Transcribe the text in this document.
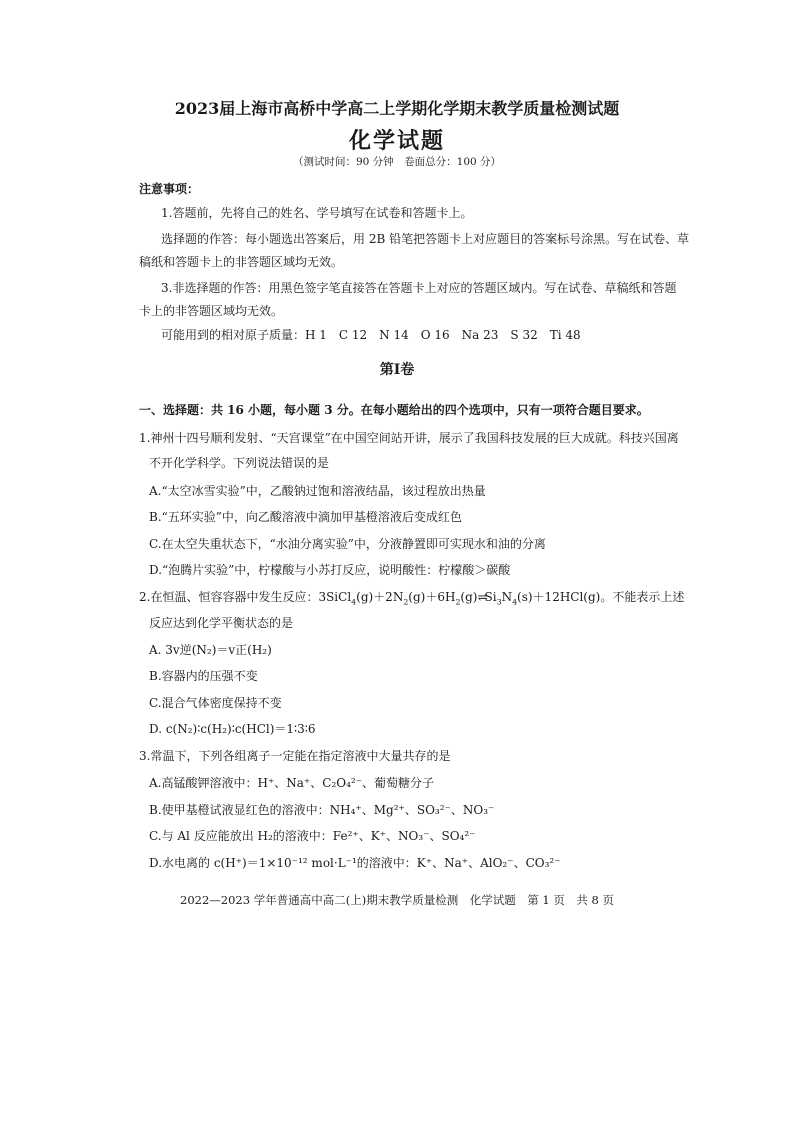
2023届上海市高桥中学高二上学期化学期末教学质量检测试题
化学试题
（测试时间：90 分钟　卷面总分：100 分）
注意事项：
1.答题前，先将自己的姓名、学号填写在试卷和答题卡上。
选择题的作答：每小题选出答案后，用 2B 铅笔把答题卡上对应题目的答案标号涂黑。写在试卷、草
稿纸和答题卡上的非答题区域均无效。
3.非选择题的作答：用黑色签字笔直接答在答题卡上对应的答题区域内。写在试卷、草稿纸和答题
卡上的非答题区域均无效。
可能用到的相对原子质量：H 1　C 12　N 14　O 16　Na 23　S 32　Ti 48
第Ⅰ卷
一、选择题：共 16 小题，每小题 3 分。在每小题给出的四个选项中，只有一项符合题目要求。
1.神州十四号顺利发射、“天宫课堂”在中国空间站开讲，展示了我国科技发展的巨大成就。科技兴国离
不开化学科学。下列说法错误的是
A.“太空冰雪实验”中，乙酸钠过饱和溶液结晶，该过程放出热量
B.“五环实验”中，向乙酸溶液中滴加甲基橙溶液后变成红色
C.在太空失重状态下，“水油分离实验”中，分液静置即可实现水和油的分离
D.“泡腾片实验”中，柠檬酸与小苏打反应，说明酸性：柠檬酸＞碳酸
2.在恒温、恒容容器中发生反应：$3SiCl_4(g)+2N_2(g)+6H_2(g)\rightleftharpoons Si_3N_4(s)+12HCl(g)$。不能表示上述
反应达到化学平衡状态的是
A. 3v逆(N₂)＝v正(H₂)
B.容器内的压强不变
C.混合气体密度保持不变
D. c(N₂)∶c(H₂)∶c(HCl)＝1∶3∶6
3.常温下，下列各组离子一定能在指定溶液中大量共存的是
A.高锰酸钾溶液中：H⁺、Na⁺、C₂O₄²⁻、葡萄糖分子
B.使甲基橙试液显红色的溶液中：NH₄⁺、Mg²⁺、SO₃²⁻、NO₃⁻
C.与 Al 反应能放出 H₂的溶液中：Fe²⁺、K⁺、NO₃⁻、SO₄²⁻
D.水电离的 c(H⁺)＝1×10⁻¹² mol·L⁻¹的溶液中：K⁺、Na⁺、AlO₂⁻、CO₃²⁻
2022—2023 学年普通高中高二(上)期末教学质量检测　化学试题　第 1 页　共 8 页
